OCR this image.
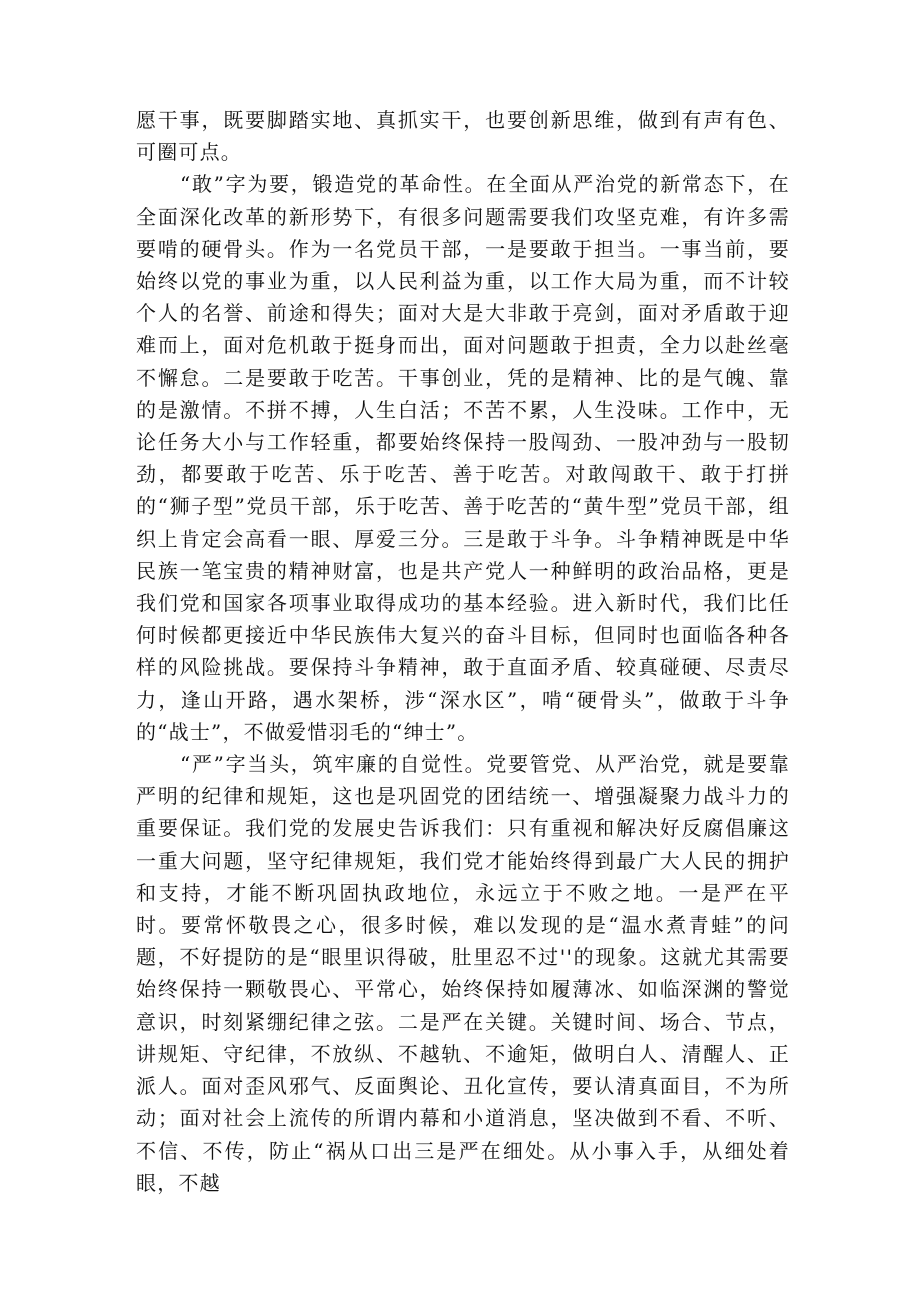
愿干事，既要脚踏实地、真抓实干，也要创新思维，做到有声有色、可圈可点。

“敢”字为要，锻造党的革命性。在全面从严治党的新常态下，在全面深化改革的新形势下，有很多问题需要我们攻坚克难，有许多需要啃的硬骨头。作为一名党员干部，一是要敢于担当。一事当前，要始终以党的事业为重，以人民利益为重，以工作大局为重，而不计较个人的名誉、前途和得失；面对大是大非敢于亮剑，面对矛盾敢于迎难而上，面对危机敢于挺身而出，面对问题敢于担责，全力以赴丝毫不懈怠。二是要敢于吃苦。干事创业，凭的是精神、比的是气魄、靠的是激情。不拼不搏，人生白活；不苦不累，人生没味。工作中，无论任务大小与工作轻重，都要始终保持一股闯劲、一股冲劲与一股韧劲，都要敢于吃苦、乐于吃苦、善于吃苦。对敢闯敢干、敢于打拼的“狮子型”党员干部，乐于吃苦、善于吃苦的“黄牛型”党员干部，组织上肯定会高看一眼、厚爱三分。三是敢于斗争。斗争精神既是中华民族一笔宝贵的精神财富，也是共产党人一种鲜明的政治品格，更是我们党和国家各项事业取得成功的基本经验。进入新时代，我们比任何时候都更接近中华民族伟大复兴的奋斗目标，但同时也面临各种各样的风险挑战。要保持斗争精神，敢于直面矛盾、较真碰硬、尽责尽力，逢山开路，遇水架桥，涉“深水区”，啃“硬骨头”，做敢于斗争的“战士”，不做爱惜羽毛的“绅士”。

“严”字当头，筑牢廉的自觉性。党要管党、从严治党，就是要靠严明的纪律和规矩，这也是巩固党的团结统一、增强凝聚力战斗力的重要保证。我们党的发展史告诉我们：只有重视和解决好反腐倡廉这一重大问题，坚守纪律规矩，我们党才能始终得到最广大人民的拥护和支持，才能不断巩固执政地位，永远立于不败之地。一是严在平时。要常怀敬畏之心，很多时候，难以发现的是“温水煮青蛙”的问题，不好提防的是“眼里识得破，肚里忍不过''的现象。这就尤其需要始终保持一颗敬畏心、平常心，始终保持如履薄冰、如临深渊的警觉意识，时刻紧绷纪律之弦。二是严在关键。关键时间、场合、节点，讲规矩、守纪律，不放纵、不越轨、不逾矩，做明白人、清醒人、正派人。面对歪风邪气、反面舆论、丑化宣传，要认清真面目，不为所动；面对社会上流传的所谓内幕和小道消息，坚决做到不看、不听、不信、不传，防止“祸从口出三是严在细处。从小事入手，从细处着眼，不越
